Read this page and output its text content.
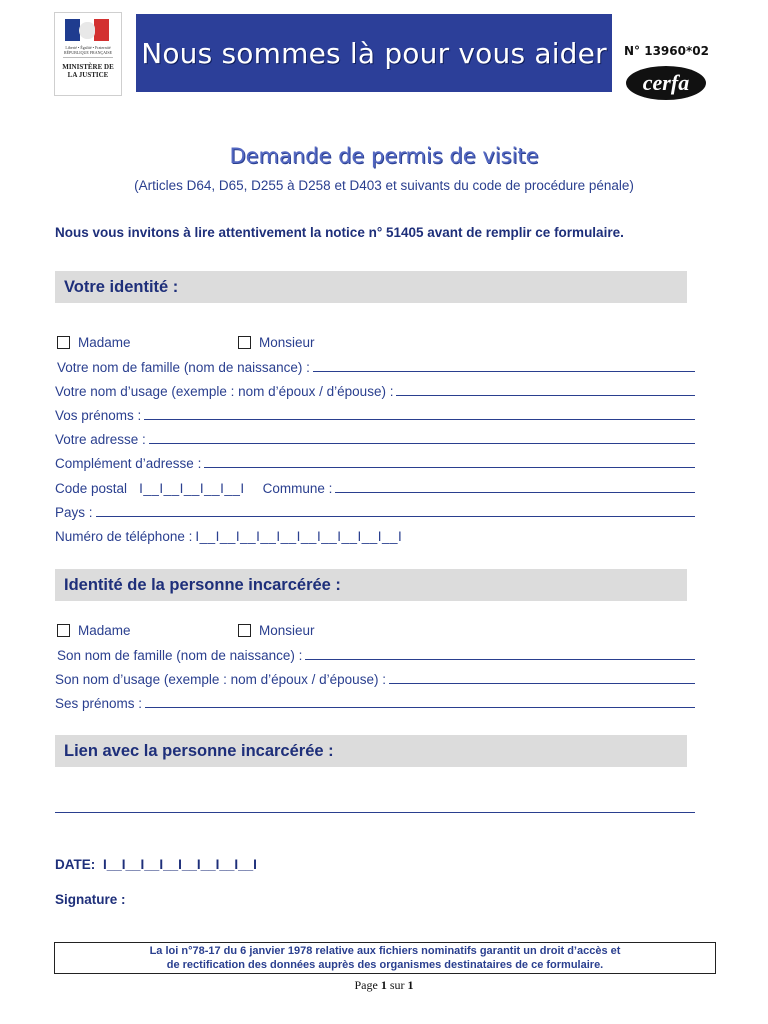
Liberté • Égalité • Fraternité RÉPUBLIQUE FRANÇAISE
MINISTÈRE DE LA JUSTICE
Nous sommes là pour vous aider N° 13960*02
cerfa
Demande de permis de visite
(Articles D64, D65, D255 à D258 et D403 et suivants du code de procédure pénale)
Nous vous invitons à lire attentivement la notice n° 51405 avant de remplir ce formulaire.
Votre identité :
Madame	Monsieur
Votre nom de famille (nom de naissance) :
Votre nom d’usage (exemple : nom d’époux / d’épouse) :
Vos prénoms :
Votre adresse :
Complément d’adresse :
Code postal I__I__I__I__I__I	Commune :
Pays :
Numéro de téléphone : I__I__I__I__I__I__I__I__I__I__I
Identité de la personne incarcérée :
Madame	Monsieur
Son nom de famille (nom de naissance) :
Son nom d’usage (exemple : nom d’époux / d’épouse) :
Ses prénoms :
Lien avec la personne incarcérée :
DATE: I__I__I__I__I__I__I__I__I
Signature :
La loi n°78-17 du 6 janvier 1978 relative aux fichiers nominatifs garantit un droit d’accès et
de rectification des données auprès des organismes destinataires de ce formulaire.
Page 1 sur 1
